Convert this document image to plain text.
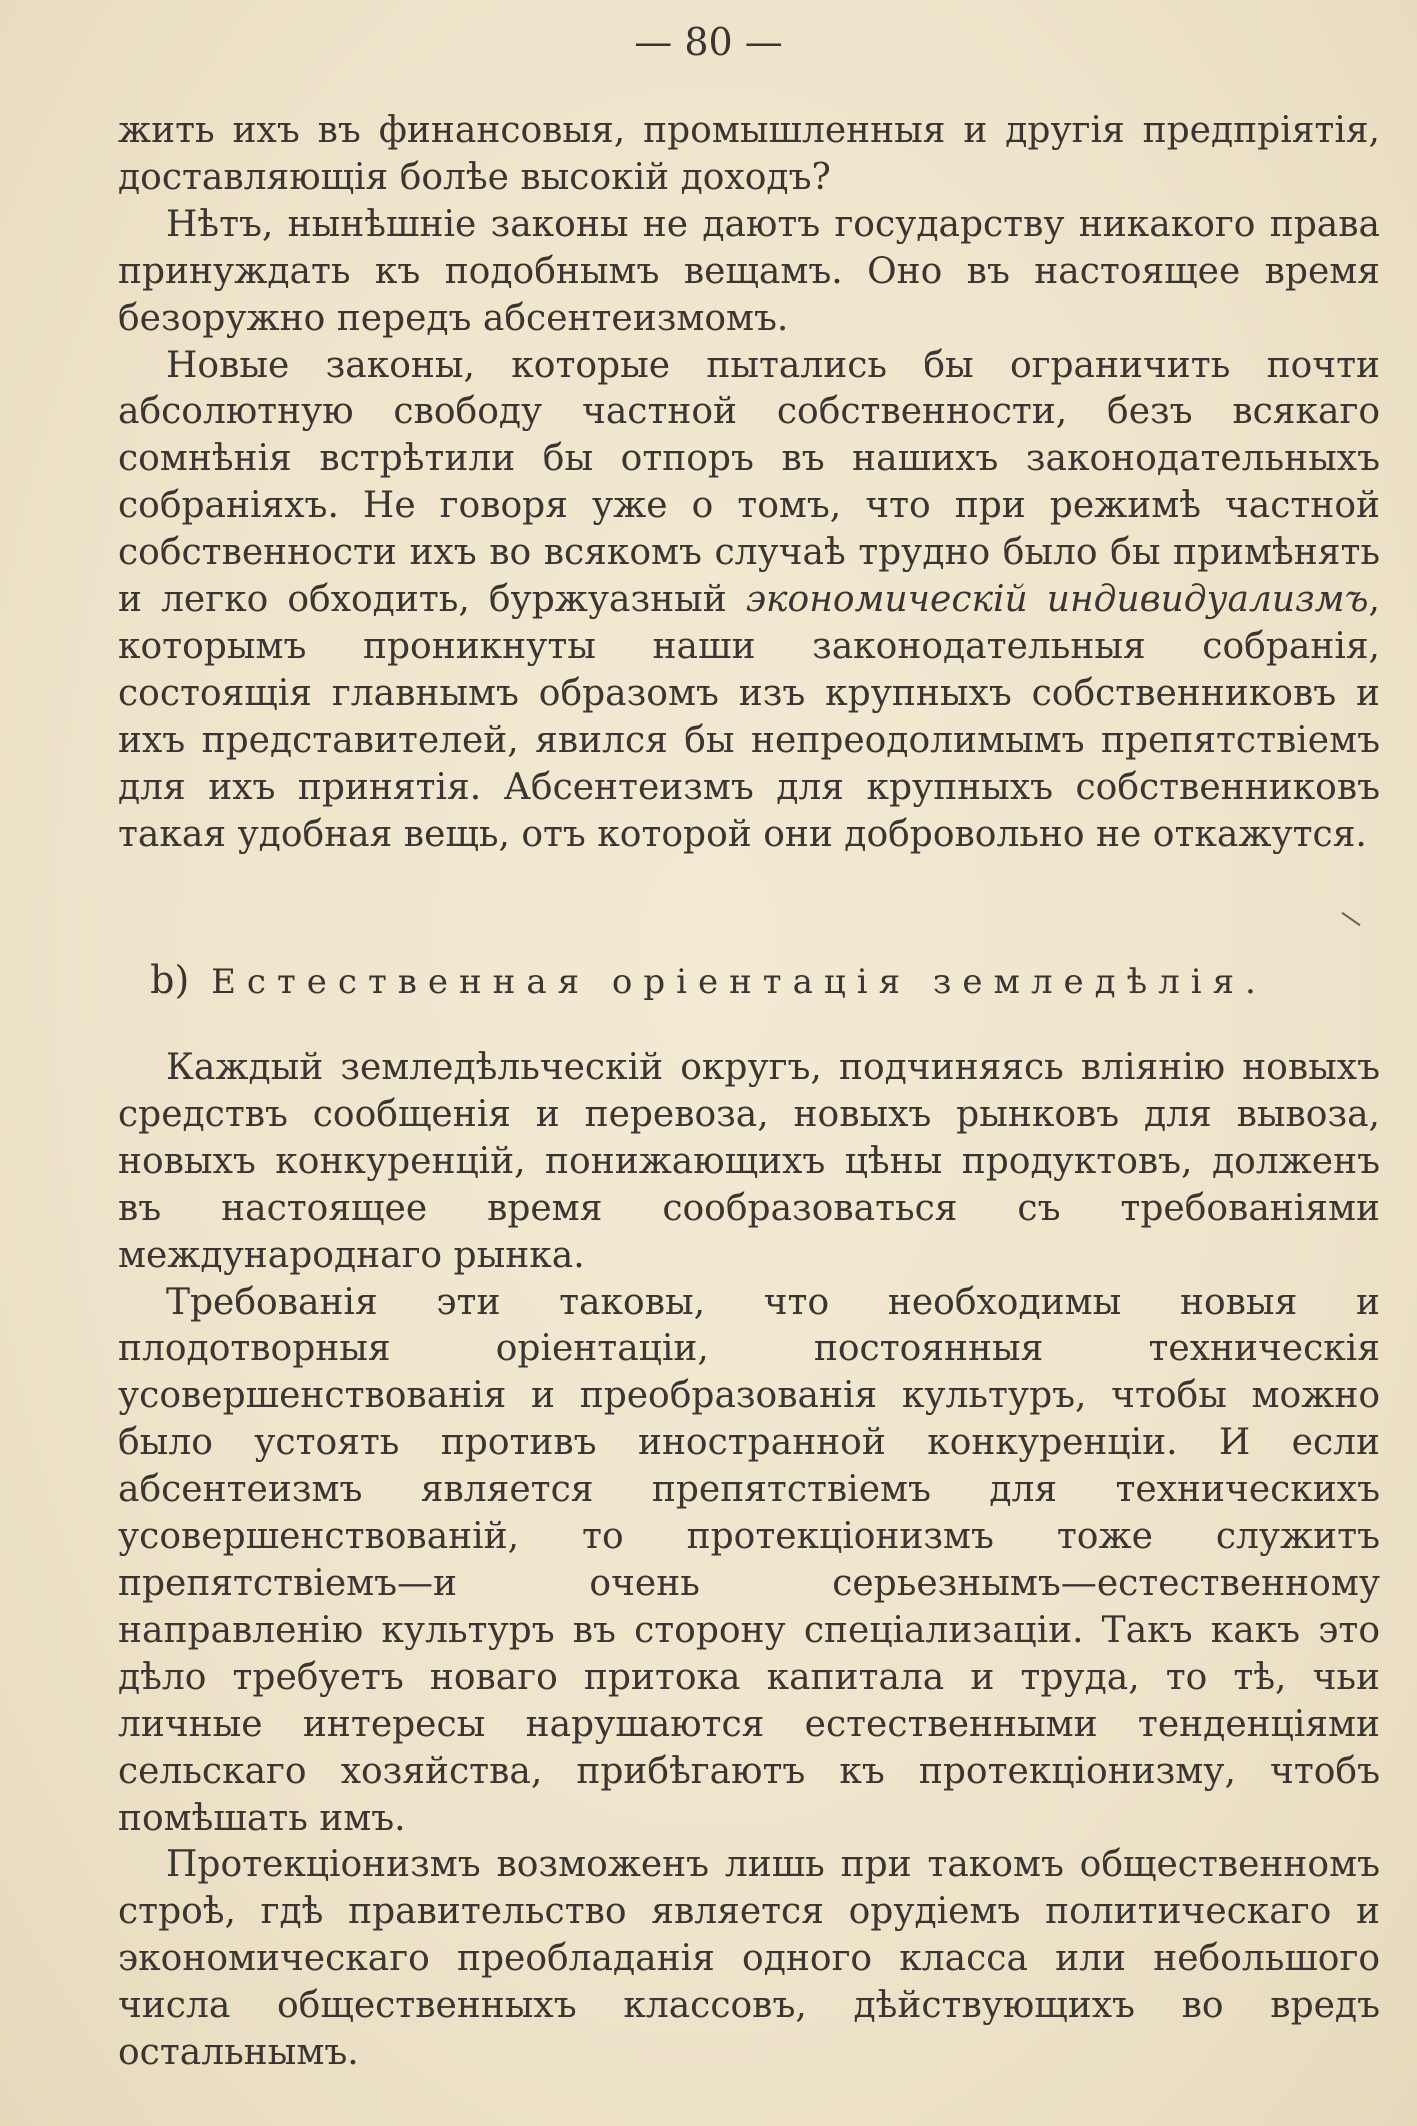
— 80 —

жить ихъ въ финансовыя, промышленныя и другія предпріятія, доставляющія болѣе высокій доходъ?

Нѣтъ, нынѣшніе законы не даютъ государству никакого права принуждать къ подобнымъ вещамъ. Оно въ настоящее время безоружно передъ абсентеизмомъ.

Новые законы, которые пытались бы ограничить почти абсолютную свободу частной собственности, безъ всякаго сомнѣнія встрѣтили бы отпоръ въ нашихъ законодательныхъ собраніяхъ. Не говоря уже о томъ, что при режимѣ частной собственности ихъ во всякомъ случаѣ трудно было бы примѣнять и легко обходить, буржуазный экономическій индивидуализмъ, которымъ проникнуты наши законодательныя собранія, состоящія главнымъ образомъ изъ крупныхъ собственниковъ и ихъ представителей, явился бы непреодолимымъ препятствіемъ для ихъ принятія. Абсентеизмъ для крупныхъ собственниковъ такая удобная вещь, отъ которой они добровольно не откажутся.

b) Естественная оріентація земледѣлія.

Каждый земледѣльческій округъ, подчиняясь вліянію новыхъ средствъ сообщенія и перевоза, новыхъ рынковъ для вывоза, новыхъ конкуренцій, понижающихъ цѣны продуктовъ, долженъ въ настоящее время сообразоваться съ требованіями международнаго рынка.

Требованія эти таковы, что необходимы новыя и плодотворныя оріентаціи, постоянныя техническія усовершенствованія и преобразованія культуръ, чтобы можно было устоять противъ иностранной конкуренціи. И если абсентеизмъ является препятствіемъ для техническихъ усовершенствованій, то протекціонизмъ тоже служитъ препятствіемъ—и очень серьезнымъ—естественному направленію культуръ въ сторону спеціализаціи. Такъ какъ это дѣло требуетъ новаго притока капитала и труда, то тѣ, чьи личные интересы нарушаются естественными тенденціями сельскаго хозяйства, прибѣгаютъ къ протекціонизму, чтобъ помѣшать имъ.

Протекціонизмъ возможенъ лишь при такомъ общественномъ строѣ, гдѣ правительство является орудіемъ политическаго и экономическаго преобладанія одного класса или небольшого числа общественныхъ классовъ, дѣйствующихъ во вредъ остальнымъ.
